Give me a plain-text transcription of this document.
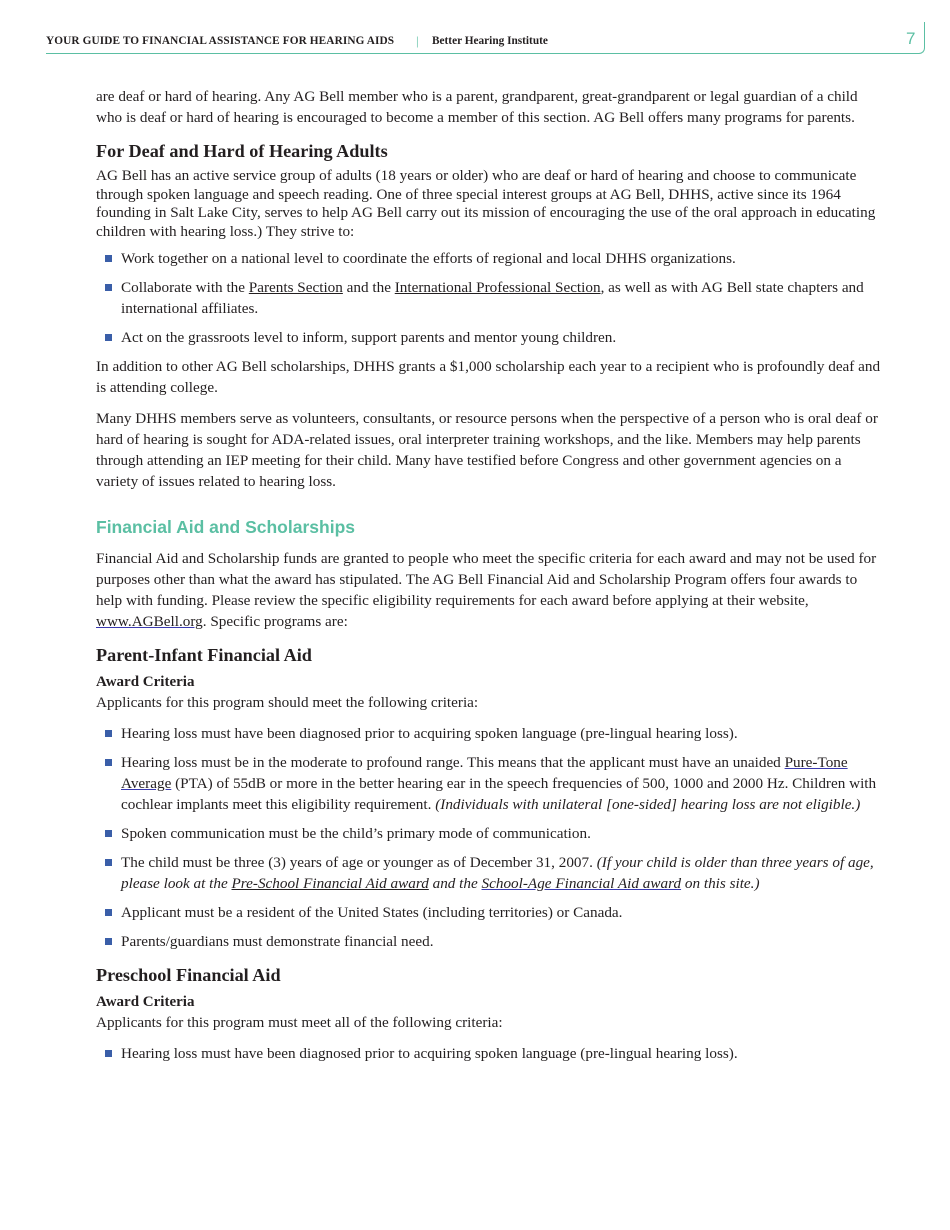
YOUR GUIDE TO FINANCIAL ASSISTANCE FOR HEARING AIDS | Better Hearing Institute	7

are deaf or hard of hearing. Any AG Bell member who is a parent, grandparent, great-grandparent or legal guardian of a child who is deaf or hard of hearing is encouraged to become a member of this section. AG Bell offers many programs for parents.

For Deaf and Hard of Hearing Adults

AG Bell has an active service group of adults (18 years or older) who are deaf or hard of hearing and choose to communicate through spoken language and speech reading. One of three special interest groups at AG Bell, DHHS, active since its 1964 founding in Salt Lake City, serves to help AG Bell carry out its mission of encouraging the use of the oral approach in educating children with hearing loss.) They strive to:

Work together on a national level to coordinate the efforts of regional and local DHHS organizations.
Collaborate with the Parents Section and the International Professional Section, as well as with AG Bell state chapters and international affiliates.
Act on the grassroots level to inform, support parents and mentor young children.

In addition to other AG Bell scholarships, DHHS grants a $1,000 scholarship each year to a recipient who is profoundly deaf and is attending college.

Many DHHS members serve as volunteers, consultants, or resource persons when the perspective of a person who is oral deaf or hard of hearing is sought for ADA-related issues, oral interpreter training workshops, and the like. Members may help parents through attending an IEP meeting for their child. Many have testified before Congress and other government agencies on a variety of issues related to hearing loss.

Financial Aid and Scholarships

Financial Aid and Scholarship funds are granted to people who meet the specific criteria for each award and may not be used for purposes other than what the award has stipulated. The AG Bell Financial Aid and Scholarship Program offers four awards to help with funding. Please review the specific eligibility requirements for each award before applying at their website, www.AGBell.org. Specific programs are:

Parent-Infant Financial Aid
Award Criteria

Applicants for this program should meet the following criteria:

Hearing loss must have been diagnosed prior to acquiring spoken language (pre-lingual hearing loss).
Hearing loss must be in the moderate to profound range. This means that the applicant must have an unaided Pure-Tone Average (PTA) of 55dB or more in the better hearing ear in the speech frequencies of 500, 1000 and 2000 Hz. Children with cochlear implants meet this eligibility requirement. (Individuals with unilateral [one-sided] hearing loss are not eligible.)
Spoken communication must be the child’s primary mode of communication.
The child must be three (3) years of age or younger as of December 31, 2007. (If your child is older than three years of age, please look at the Pre-School Financial Aid award and the School-Age Financial Aid award on this site.)
Applicant must be a resident of the United States (including territories) or Canada.
Parents/guardians must demonstrate financial need.
Preschool Financial Aid
Award Criteria

Applicants for this program must meet all of the following criteria:

Hearing loss must have been diagnosed prior to acquiring spoken language (pre-lingual hearing loss).
